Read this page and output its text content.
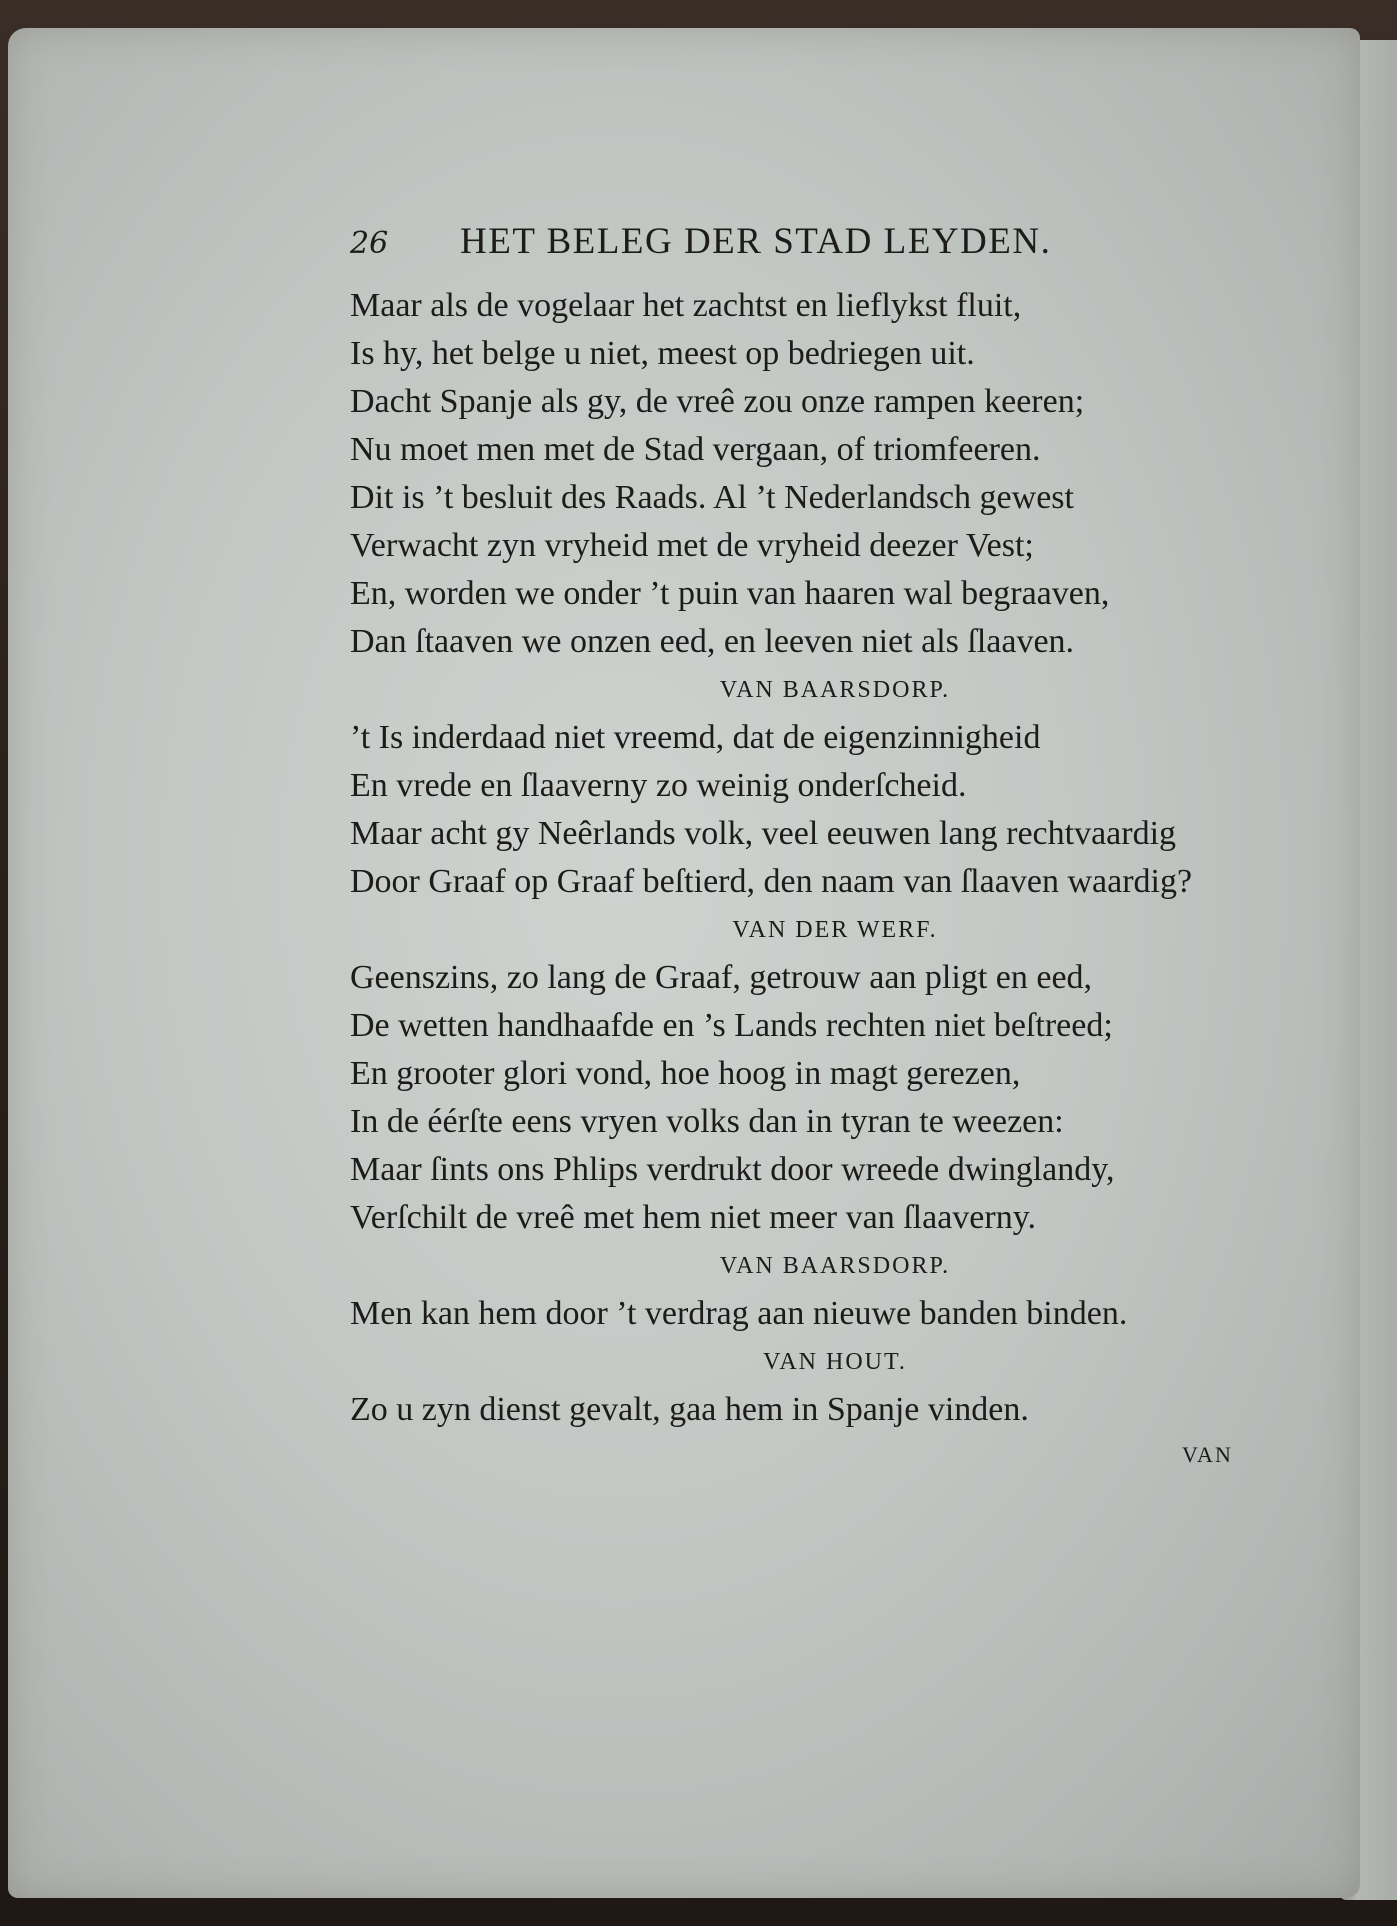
26	HET BELEG DER STAD LEYDEN.
Maar als de vogelaar het zachtst en lieflykst fluit,
Is hy, het belge u niet, meest op bedriegen uit.
Dacht Spanje als gy, de vreê zou onze rampen keeren;
Nu moet men met de Stad vergaan, of triomfeeren.
Dit is ’t besluit des Raads. Al ’t Nederlandsch gewest
Verwacht zyn vryheid met de vryheid deezer Vest;
En, worden we onder ’t puin van haaren wal begraaven,
Dan ſtaaven we onzen eed, en leeven niet als ſlaaven.
VAN BAARSDORP.
’t Is inderdaad niet vreemd, dat de eigenzinnigheid
En vrede en ſlaaverny zo weinig onderſcheid.
Maar acht gy Neêrlands volk, veel eeuwen lang rechtvaardig
Door Graaf op Graaf beſtierd, den naam van ſlaaven waardig?
VAN DER WERF.
Geenszins, zo lang de Graaf, getrouw aan pligt en eed,
De wetten handhaafde en ’s Lands rechten niet beſtreed;
En grooter glori vond, hoe hoog in magt gerezen,
In de éérſte eens vryen volks dan in tyran te weezen:
Maar ſints ons Phlips verdrukt door wreede dwinglandy,
Verſchilt de vreê met hem niet meer van ſlaaverny.
VAN BAARSDORP.
Men kan hem door ’t verdrag aan nieuwe banden binden.
VAN HOUT.
Zo u zyn dienst gevalt, gaa hem in Spanje vinden.
VAN
